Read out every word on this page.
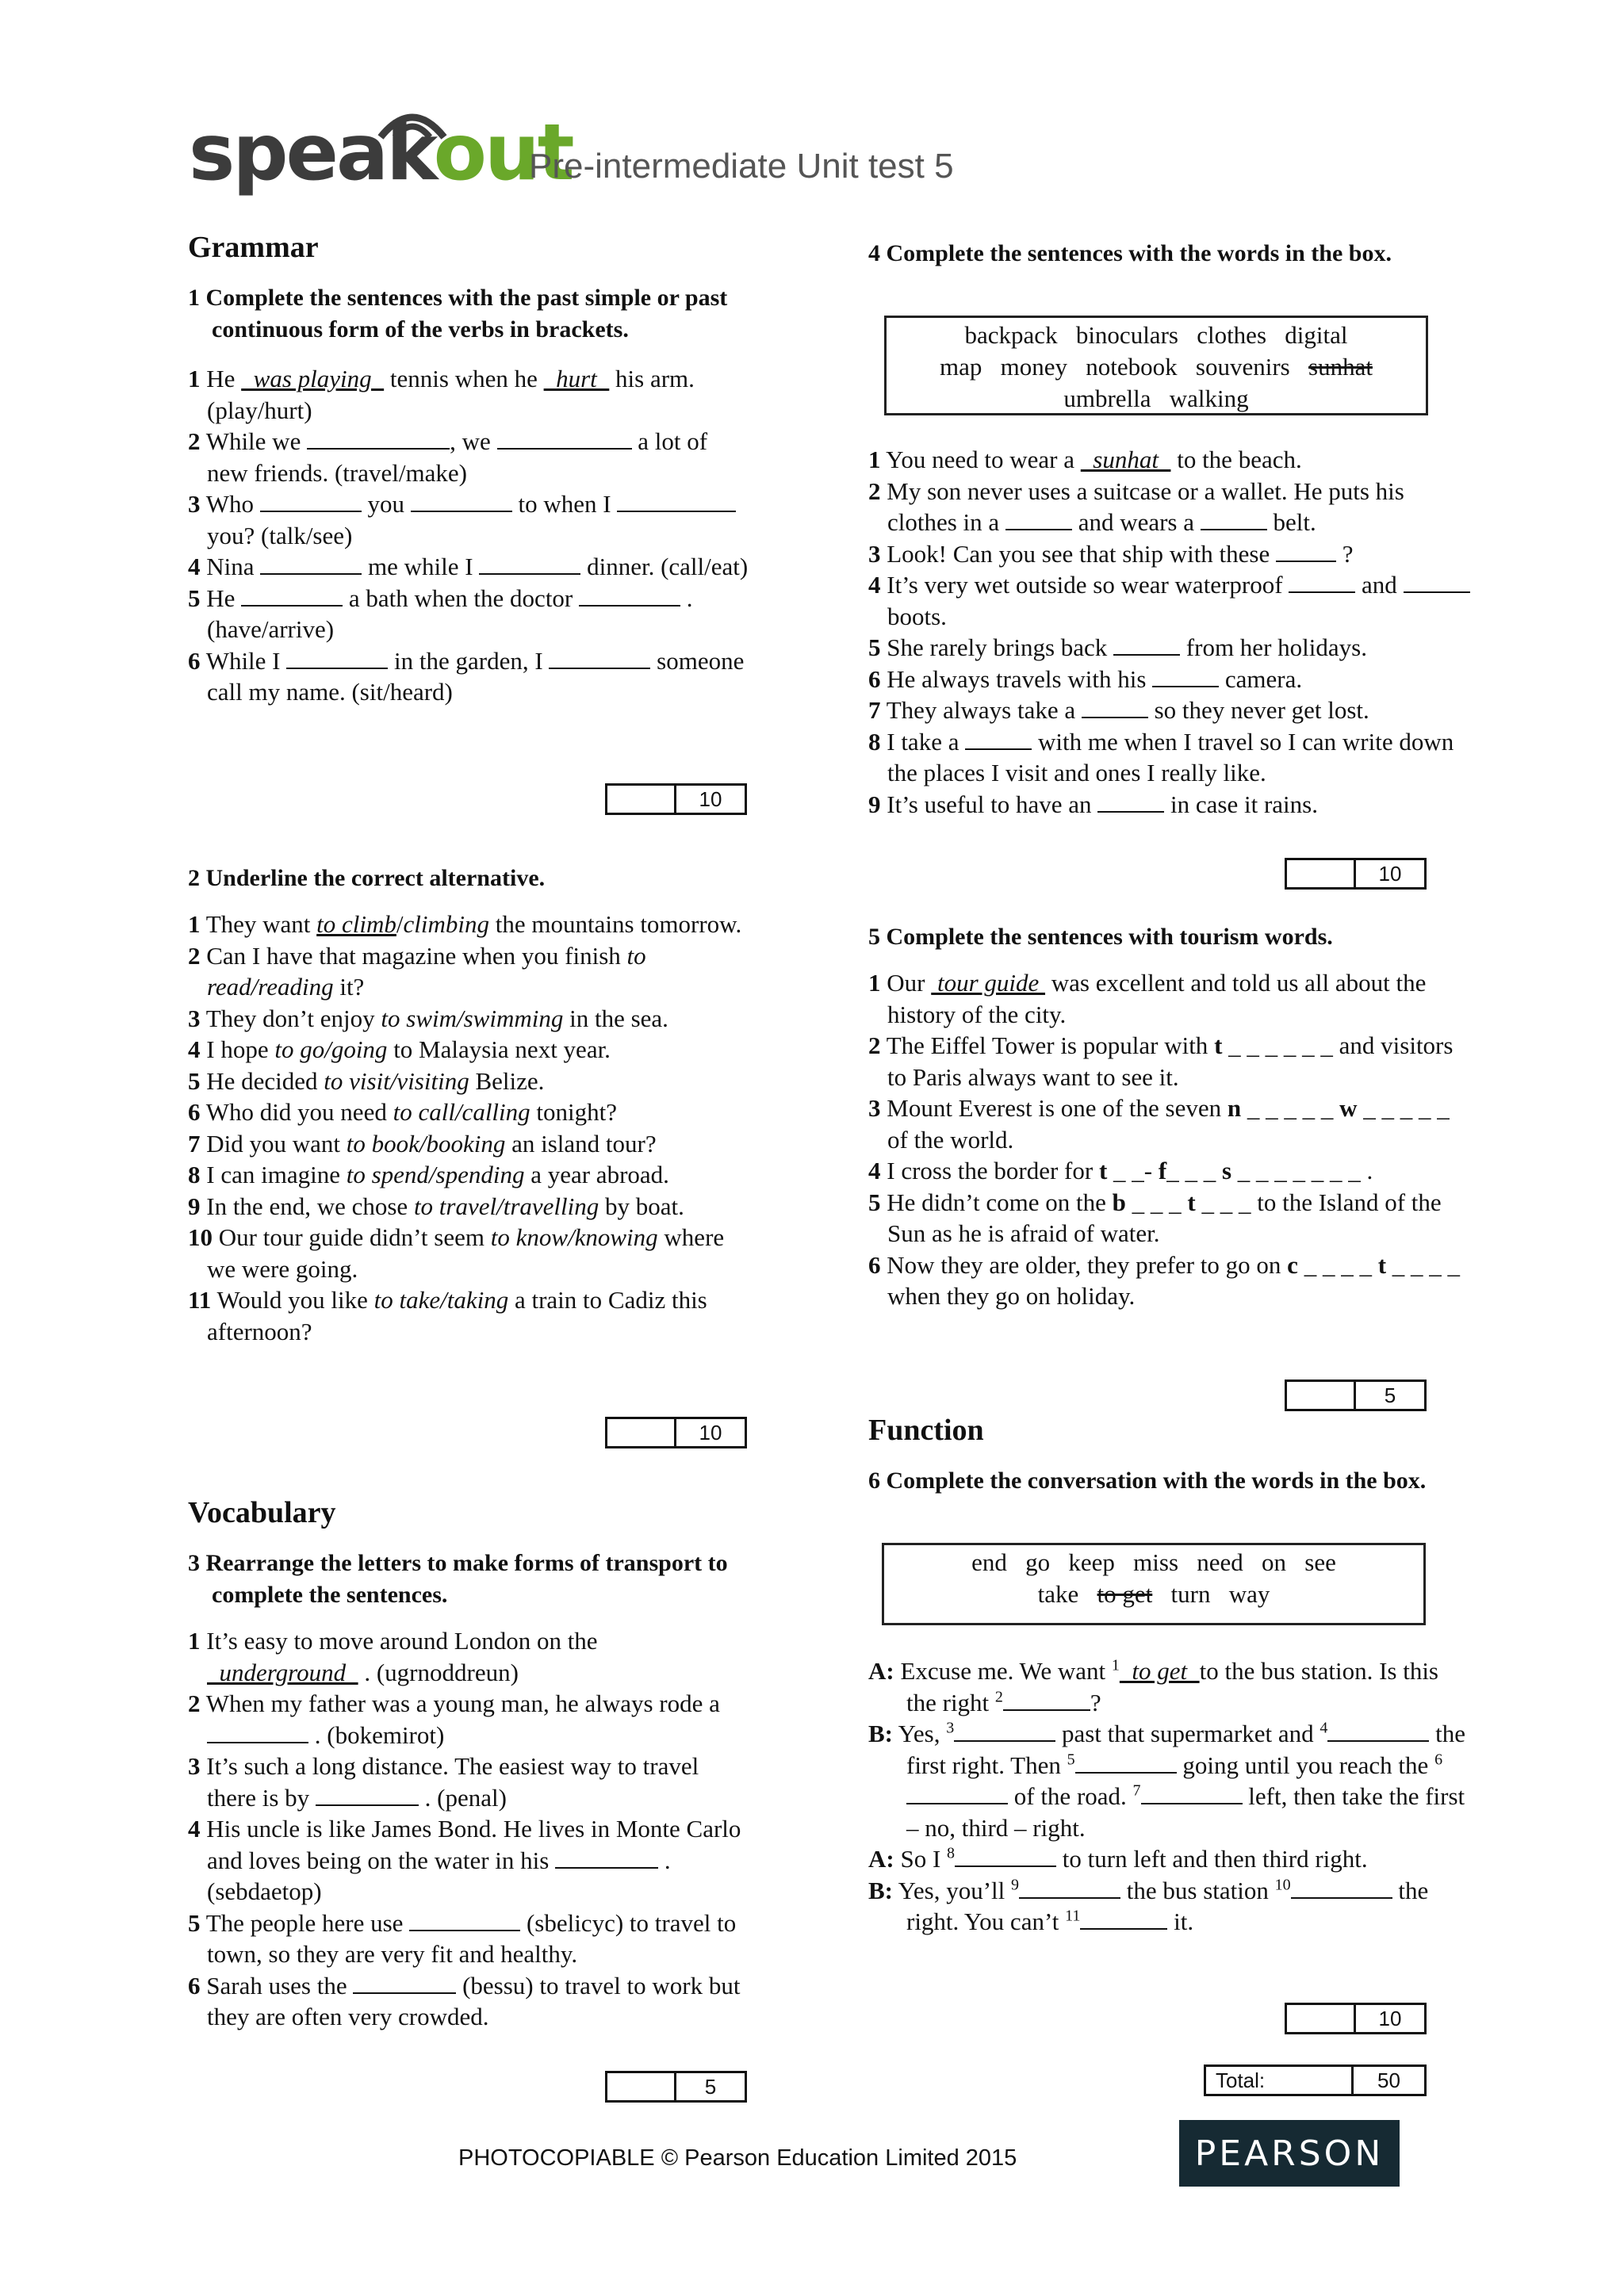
speakout
Pre-intermediate Unit test 5
Grammar

1 Complete the sentences with the past simple or past continuous form of the verbs in brackets.

1 He   was playing   tennis when he   hurt   his arm. (play/hurt)

2 While we	, we	a lot of new friends. (travel/make)

3 Who	you	to when I  you? (talk/see)

4 Nina	me while I	dinner. (call/eat)

5 He	a bath when the doctor	. (have/arrive)

6 While I	in the garden, I	someone call my name. (sit/heard)

10

2 Underline the correct alternative.

1 They want to climb/climbing the mountains tomorrow.

2 Can I have that magazine when you finish to read/reading it?

3 They don’t enjoy to swim/swimming in the sea.

4 I hope to go/going to Malaysia next year.

5 He decided to visit/visiting Belize.

6 Who did you need to call/calling tonight?

7 Did you want to book/booking an island tour?

8 I can imagine to spend/spending a year abroad.

9 In the end, we chose to travel/travelling by boat.

10 Our tour guide didn’t seem to know/knowing where we were going.

11 Would you like to take/taking a train to Cadiz this afternoon?

10
Vocabulary

3 Rearrange the letters to make forms of transport to complete the sentences.

1 It’s easy to move around London on the   underground   . (ugrnoddreun)

2 When my father was a young man, he always rode a  . (bokemirot)

3 It’s such a long distance. The easiest way to travel there is by	. (penal)

4 His uncle is like James Bond. He lives in Monte Carlo and loves being on the water in his	. (sebdaetop)

5 The people here use	(sbelicyc) to travel to town, so they are very fit and healthy.

6 Sarah uses the	(bessu) to travel to work but they are often very crowded.

5

4 Complete the sentences with the words in the box.

backpack   binoculars   clothes   digital
map   money   notebook   souvenirs sunhat
umbrella   walking

1 You need to wear a   sunhat   to the beach.

2 My son never uses a suitcase or a wallet. He puts his clothes in a	and wears a	belt.

3 Look! Can you see that ship with these  ?

4 It’s very wet outside so wear waterproof	and  boots.

5 She rarely brings back	from her holidays.

6 He always travels with his	camera.

7 They always take a	so they never get lost.

8 I take a	with me when I travel so I can write down the places I visit and ones I really like.

9 It’s useful to have an	in case it rains.

10

5 Complete the sentences with tourism words.

1 Our  tour guide  was excellent and told us all about the history of the city.

2 The Eiffel Tower is popular with t _ _ _ _ _ _ and visitors to Paris always want to see it.

3 Mount Everest is one of the seven n _ _ _ _ _ w _ _ _ _ _ of the world.

4 I cross the border for t _ _- f_ _ _ s _ _ _ _ _ _ _ .

5 He didn’t come on the b _ _ _ t _ _ _ to the Island of the Sun as he is afraid of water.

6 Now they are older, they prefer to go on c _ _ _ _ t _ _ _ _ when they go on holiday.

5
Function

6 Complete the conversation with the words in the box.

end   go   keep   miss   need   on   see
take to get turn   way

A: Excuse me. We want $^1$  to get  to the bus station. Is this the right $^2$	?

B: Yes, $^3$	past that supermarket and $^4$	the first right. Then $^5$	going until you reach the $^6$ of the road. $^7$	left, then take the first – no, third – right.

A: So I $^8$	to turn left and then third right.

B: Yes, you’ll $^9$	the bus station $^{10}$	the right. You can’t $^{11}$	it.

10
Total:	50
PHOTOCOPIABLE © Pearson Education Limited 2015	PEARSON
